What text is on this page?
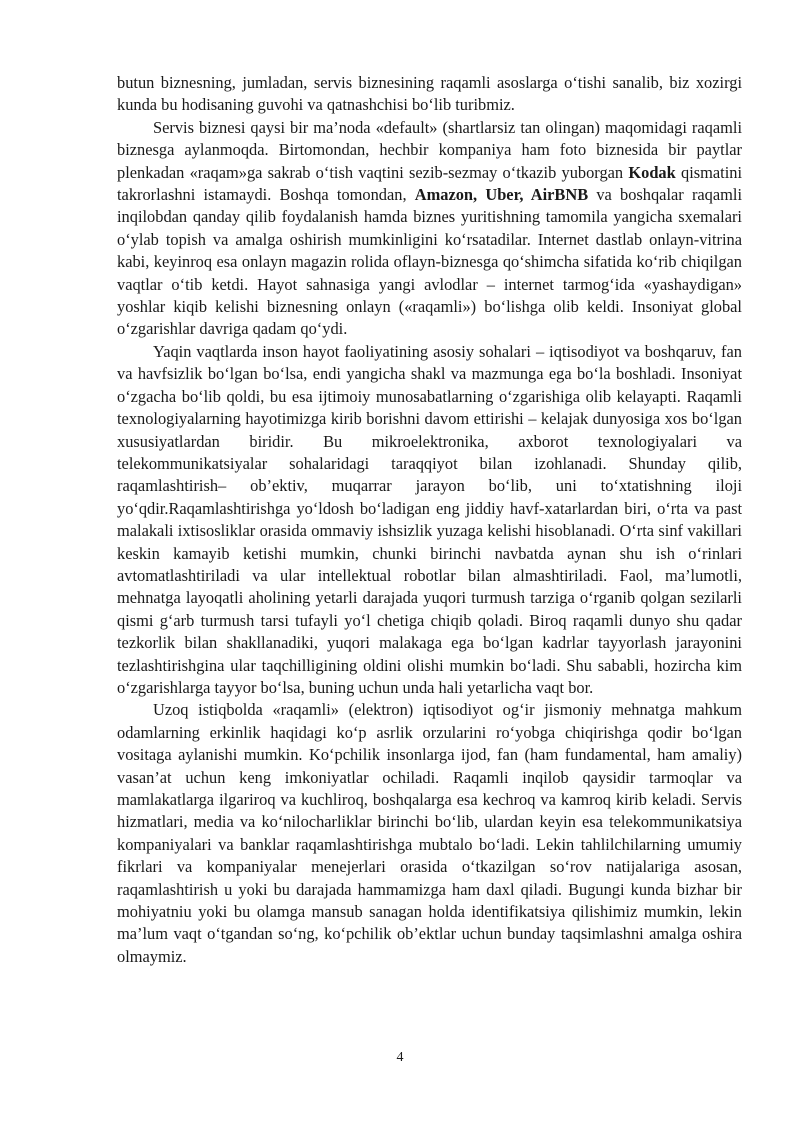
butun biznesning, jumladan, servis biznesining raqamli asoslarga o‘tishi sanalib, biz xozirgi kunda bu hodisaning guvohi va qatnashchisi bo‘lib turibmiz.

Servis biznesi qaysi bir ma’noda «default» (shartlarsiz tan olingan) maqomidagi raqamli biznesga aylanmoqda. Birtomondan, hechbir kompaniya ham foto biznesida bir paytlar plenkadan «raqam»ga sakrab o‘tish vaqtini sezib-sezmay o‘tkazib yuborgan Kodak qismatini takrorlashni istamaydi. Boshqa tomondan, Amazon, Uber, AirBNB va boshqalar raqamli inqilobdan qanday qilib foydalanish hamda biznes yuritishning tamomila yangicha sxemalari o‘ylab topish va amalga oshirish mumkinligini ko‘rsatadilar. Internet dastlab onlayn-vitrina kabi, keyinroq esa onlayn magazin rolida oflayn-biznesga qo‘shimcha sifatida ko‘rib chiqilgan vaqtlar o‘tib ketdi. Hayot sahnasiga yangi avlodlar – internet tarmog‘ida «yashaydigan» yoshlar kiqib kelishi biznesning onlayn («raqamli») bo‘lishga olib keldi. Insoniyat global o‘zgarishlar davriga qadam qo‘ydi.

Yaqin vaqtlarda inson hayot faoliyatining asosiy sohalari – iqtisodiyot va boshqaruv, fan va havfsizlik bo‘lgan bo‘lsa, endi yangicha shakl va mazmunga ega bo‘la boshladi. Insoniyat o‘zgacha bo‘lib qoldi, bu esa ijtimoiy munosabatlarning o‘zgarishiga olib kelayapti. Raqamli texnologiyalarning hayotimizga kirib borishni davom ettirishi – kelajak dunyosiga xos bo‘lgan xususiyatlardan biridir. Bu mikroelektronika, axborot texnologiyalari va telekommunikatsiyalar sohalaridagi taraqqiyot bilan izohlanadi. Shunday qilib, raqamlashtirish– ob’ektiv, muqarrar jarayon bo‘lib, uni to‘xtatishning iloji yo‘qdir.Raqamlashtirishga yo‘ldosh bo‘ladigan eng jiddiy havf-xatarlardan biri, o‘rta va past malakali ixtisosliklar orasida ommaviy ishsizlik yuzaga kelishi hisoblanadi. O‘rta sinf vakillari keskin kamayib ketishi mumkin, chunki birinchi navbatda aynan shu ish o‘rinlari avtomatlashtiriladi va ular intellektual robotlar bilan almashtiriladi. Faol, ma’lumotli, mehnatga layoqatli aholining yetarli darajada yuqori turmush tarziga o‘rganib qolgan sezilarli qismi g‘arb turmush tarsi tufayli yo‘l chetiga chiqib qoladi. Biroq raqamli dunyo shu qadar tezkorlik bilan shakllanadiki, yuqori malakaga ega bo‘lgan kadrlar tayyorlash jarayonini tezlashtirishgina ular taqchilligining oldini olishi mumkin bo‘ladi. Shu sababli, hozircha kim o‘zgarishlarga tayyor bo‘lsa, buning uchun unda hali yetarlicha vaqt bor.

Uzoq istiqbolda «raqamli» (elektron) iqtisodiyot og‘ir jismoniy mehnatga mahkum odamlarning erkinlik haqidagi ko‘p asrlik orzularini ro‘yobga chiqirishga qodir bo‘lgan vositaga aylanishi mumkin. Ko‘pchilik insonlarga ijod, fan (ham fundamental, ham amaliy) vasan’at uchun keng imkoniyatlar ochiladi. Raqamli inqilob qaysidir tarmoqlar va mamlakatlarga ilgariroq va kuchliroq, boshqalarga esa kechroq va kamroq kirib keladi. Servis hizmatlari, media va ko‘nilocharliklar birinchi bo‘lib, ulardan keyin esa telekommunikatsiya kompaniyalari va banklar raqamlashtirishga mubtalo bo‘ladi. Lekin tahlilchilarning umumiy fikrlari va kompaniyalar menejerlari orasida o‘tkazilgan so‘rov natijalariga asosan, raqamlashtirish u yoki bu darajada hammamizga ham daxl qiladi. Bugungi kunda bizhar bir mohiyatniu yoki bu olamga mansub sanagan holda identifikatsiya qilishimiz mumkin, lekin ma’lum vaqt o‘tgandan so‘ng, ko‘pchilik ob’ektlar uchun bunday taqsimlashni amalga oshira olmaymiz.

4
